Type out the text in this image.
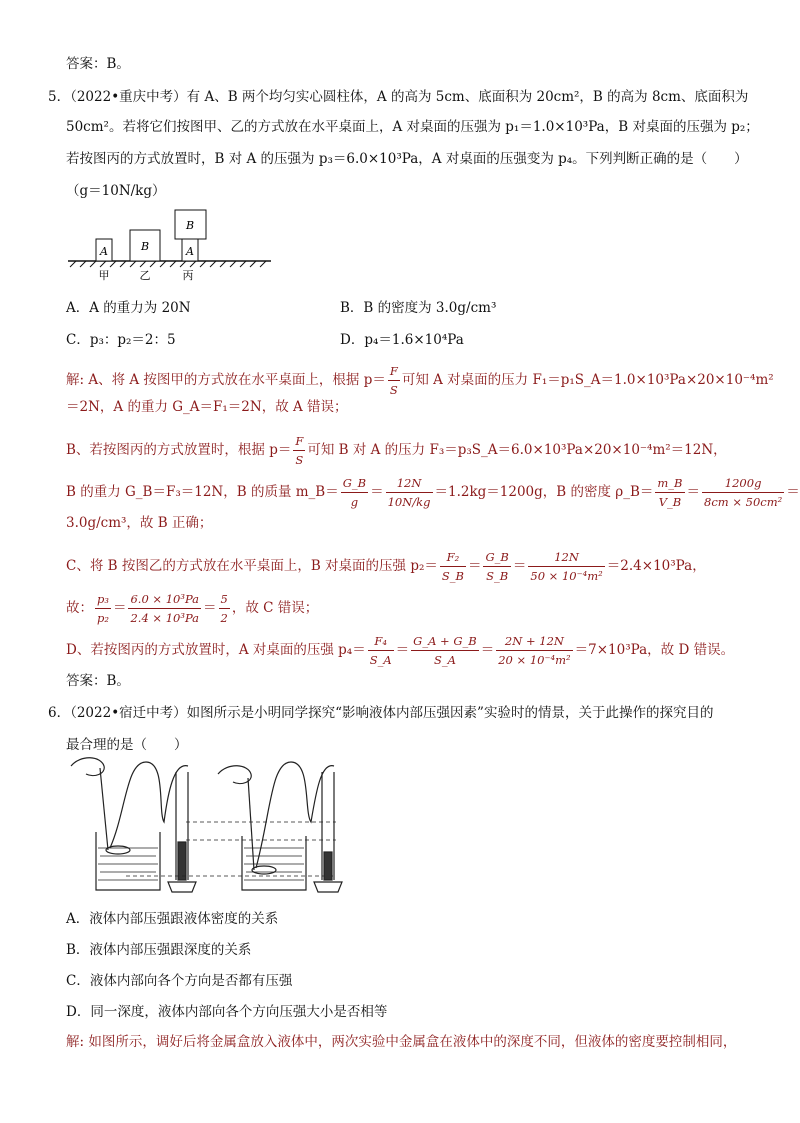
答案：B。
5．（2022•重庆中考）有 A、B 两个均匀实心圆柱体，A 的高为 5cm、底面积为 20cm²，B 的高为 8cm、底面积为
50cm²。若将它们按图甲、乙的方式放在水平桌面上，A 对桌面的压强为 p₁＝1.0×10³Pa，B 对桌面的压强为 p₂；
若按图丙的方式放置时，B 对 A 的压强为 p₃＝6.0×10³Pa，A 对桌面的压强变为 p₄。下列判断正确的是（　　）
（g＝10N/kg）
A	B	A
B
甲	乙	丙
A．A 的重力为 20N	B．B 的密度为 3.0g/cm³
C．p₃：p₂＝2：5	D．p₄＝1.6×10⁴Pa
解: A、将 A 按图甲的方式放在水平桌面上，根据 $p= \frac{F}{S}$ 可知 A 对桌面的压力 F₁＝p₁S_A＝1.0×10³Pa×20×10⁻⁴m²
＝2N，A 的重力 G_A＝F₁＝2N，故 A 错误；
B、若按图丙的方式放置时，根据 $p= \frac{F}{S}$ 可知 B 对 A 的压力 F₃＝p₃S_A＝6.0×10³Pa×20×10⁻⁴m²＝12N，
B 的重力 G_B＝F₃＝12N，B 的质量 m_B＝ $\frac{G\_B}{g} = \frac{12N}{10N/kg} =1.2kg=1200g$，B 的密度 ρ_B＝ $\frac{m\_B}{V\_B} = \frac{1200g}{\text{8cm × 50cm²}}$ ＝
3.0g/cm³，故 B 正确；
C、将 B 按图乙的方式放在水平桌面上，B 对桌面的压强 $p_2= \frac{\text{F₂}}{S\_B} = \frac{G\_B}{S\_B} = \frac{12N}{\text{50 × 10⁻⁴m²}} =2.4\times 10^3Pa$，
故： $\frac{\text{p₃}}{\text{p₂}} = \frac{\text{6.0 × 10³Pa}}{\text{2.4 × 10³Pa}} = \frac{5}{2}$ ，故 C 错误；
D、若按图丙的方式放置时，A 对桌面的压强 $p_4= \frac{\text{F₄}}{S\_A} = \frac{G\_A + G\_B}{S\_A} = \frac{2N + 12N}{\text{20 × 10⁻⁴m²}} =7\times 10^3Pa$，故 D 错误。
答案：B。
6．（2022•宿迁中考）如图所示是小明同学探究“影响液体内部压强因素”实验时的情景，关于此操作的探究目的
最合理的是（　　）
A．液体内部压强跟液体密度的关系
B．液体内部压强跟深度的关系
C．液体内部向各个方向是否都有压强
D．同一深度，液体内部向各个方向压强大小是否相等
解: 如图所示，调好后将金属盒放入液体中，两次实验中金属盒在液体中的深度不同，但液体的密度要控制相同，
